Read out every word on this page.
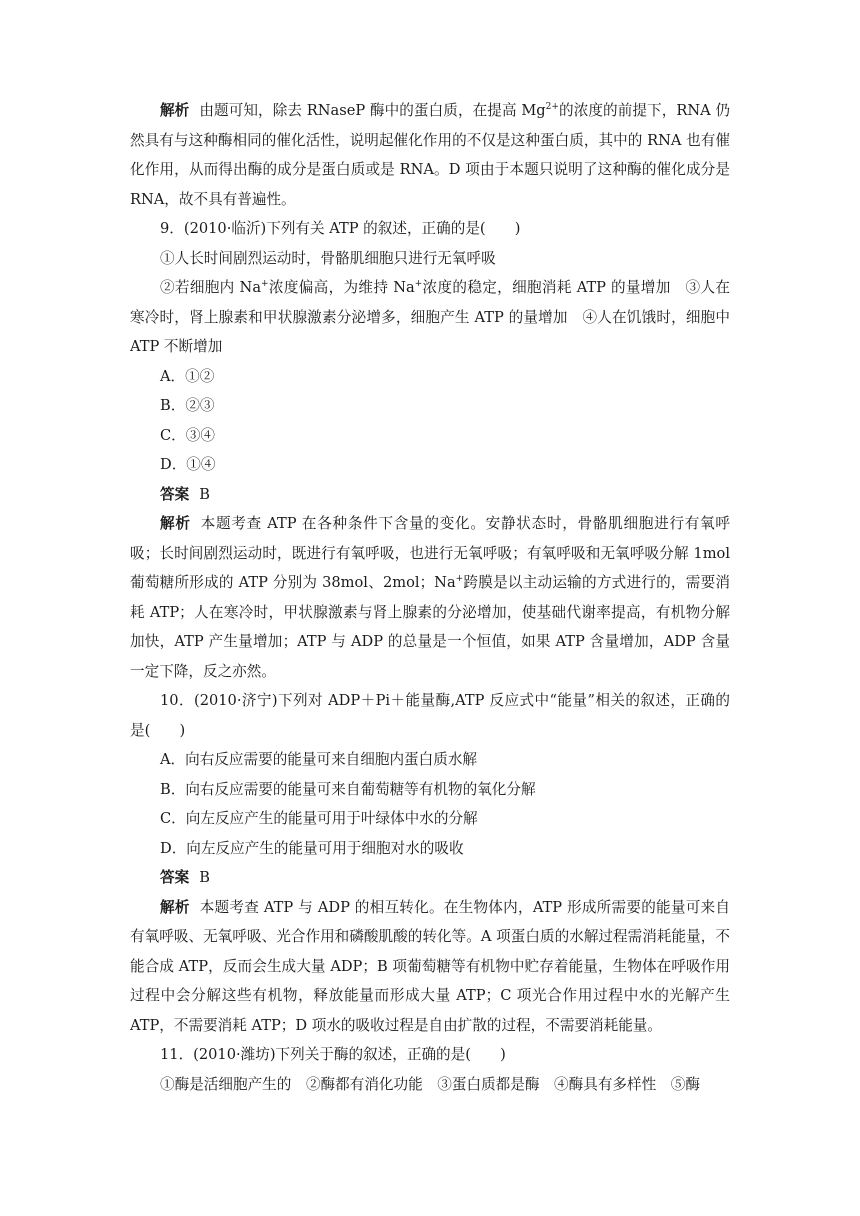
解析 由题可知，除去 RNaseP 酶中的蛋白质，在提高 $Mg^{2+}$的浓度的前提下，RNA 仍然具有与这种酶相同的催化活性，说明起催化作用的不仅是这种蛋白质，其中的 RNA 也有催化作用，从而得出酶的成分是蛋白质或是 RNA。D 项由于本题只说明了这种酶的催化成分是 RNA，故不具有普遍性。

9．(2010·临沂)下列有关 ATP 的叙述，正确的是(　　)

①人长时间剧烈运动时，骨骼肌细胞只进行无氧呼吸

②若细胞内 Na+浓度偏高，为维持 Na+浓度的稳定，细胞消耗 ATP 的量增加　③人在寒冷时，肾上腺素和甲状腺激素分泌增多，细胞产生 ATP 的量增加　④人在饥饿时，细胞中 ATP 不断增加

A．①②

B．②③

C．③④

D．①④

答案 B

解析 本题考查 ATP 在各种条件下含量的变化。安静状态时，骨骼肌细胞进行有氧呼吸；长时间剧烈运动时，既进行有氧呼吸，也进行无氧呼吸；有氧呼吸和无氧呼吸分解 1mol 葡萄糖所形成的 ATP 分别为 38mol、2mol；Na+跨膜是以主动运输的方式进行的，需要消耗 ATP；人在寒冷时，甲状腺激素与肾上腺素的分泌增加，使基础代谢率提高，有机物分解加快，ATP 产生量增加；ATP 与 ADP 的总量是一个恒值，如果 ATP 含量增加，ADP 含量一定下降，反之亦然。

10．(2010·济宁)下列对 ADP＋Pi＋能量酶,ATP 反应式中“能量”相关的叙述，正确的是(　　)

A．向右反应需要的能量可来自细胞内蛋白质水解

B．向右反应需要的能量可来自葡萄糖等有机物的氧化分解

C．向左反应产生的能量可用于叶绿体中水的分解

D．向左反应产生的能量可用于细胞对水的吸收

答案 B

解析 本题考查 ATP 与 ADP 的相互转化。在生物体内，ATP 形成所需要的能量可来自有氧呼吸、无氧呼吸、光合作用和磷酸肌酸的转化等。A 项蛋白质的水解过程需消耗能量，不能合成 ATP，反而会生成大量 ADP；B 项葡萄糖等有机物中贮存着能量，生物体在呼吸作用过程中会分解这些有机物，释放能量而形成大量 ATP；C 项光合作用过程中水的光解产生 ATP，不需要消耗 ATP；D 项水的吸收过程是自由扩散的过程，不需要消耗能量。

11．(2010·潍坊)下列关于酶的叙述，正确的是(　　)

①酶是活细胞产生的　②酶都有消化功能　③蛋白质都是酶　④酶具有多样性　⑤酶
